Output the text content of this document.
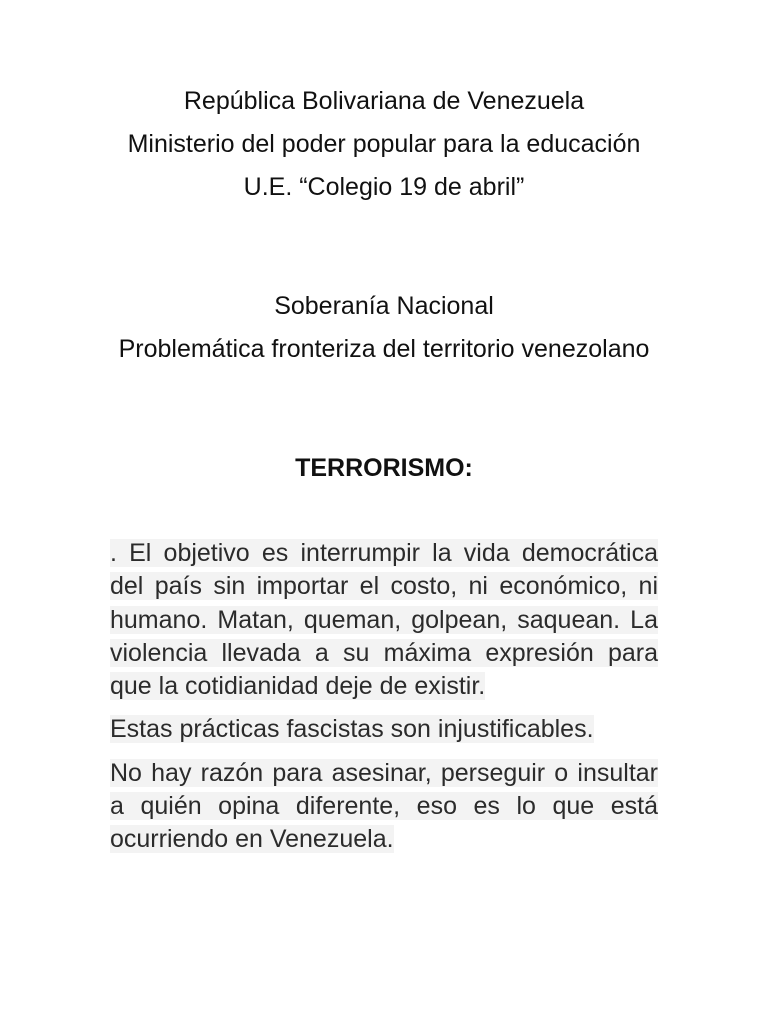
República Bolivariana de Venezuela

Ministerio del poder popular para la educación

U.E. “Colegio 19 de abril”

Soberanía Nacional

Problemática fronteriza del territorio venezolano

TERRORISMO:

. El objetivo es interrumpir la vida democrática del país sin importar el costo, ni económico, ni humano. Matan, queman, golpean, saquean. La violencia llevada a su máxima expresión para que la cotidianidad deje de existir.

Estas prácticas fascistas son injustificables.

No hay razón para asesinar, perseguir o insultar a quién opina diferente, eso es lo que está ocurriendo en Venezuela.
